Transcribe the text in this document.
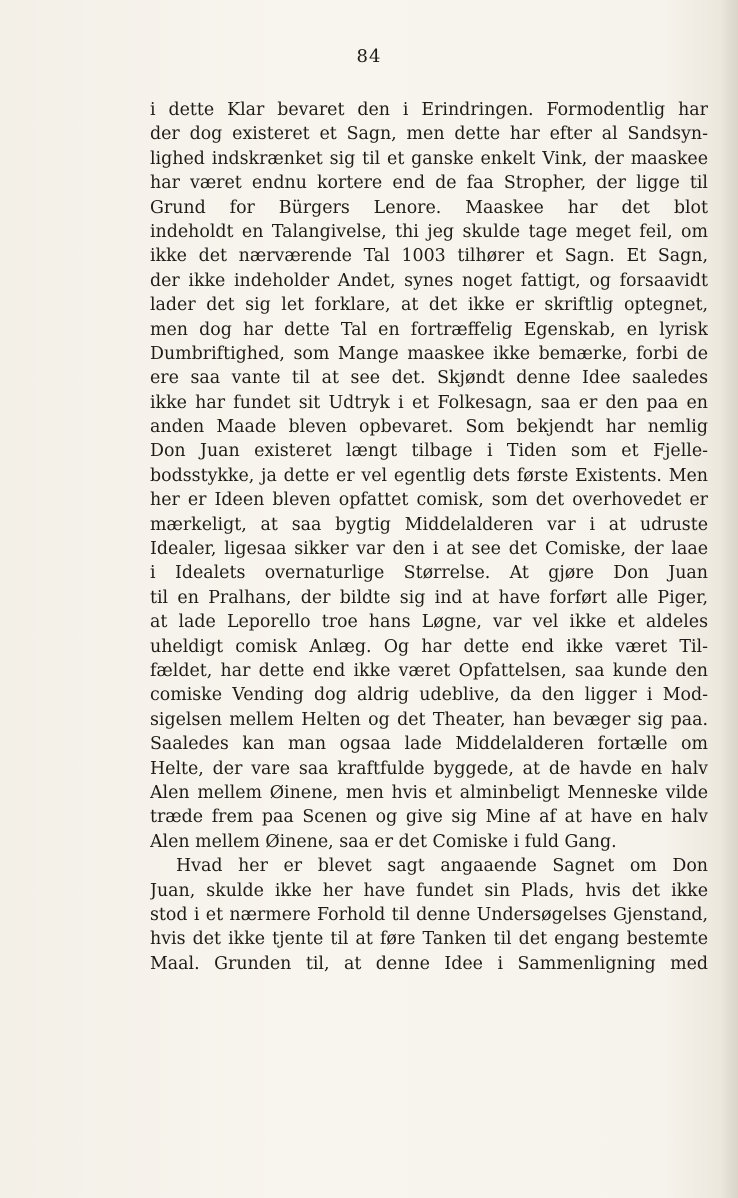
84
i dette Klar bevaret den i Erindringen. Formodentlig har
der dog existeret et Sagn, men dette har efter al Sandsyn-
lighed indskrænket sig til et ganske enkelt Vink, der maaskee
har været endnu kortere end de faa Stropher, der ligge til
Grund for Bürgers Lenore. Maaskee har det blot
indeholdt en Talangivelse, thi jeg skulde tage meget feil, om
ikke det nærværende Tal 1003 tilhører et Sagn. Et Sagn,
der ikke indeholder Andet, synes noget fattigt, og forsaavidt
lader det sig let forklare, at det ikke er skriftlig optegnet,
men dog har dette Tal en fortræffelig Egenskab, en lyrisk
Dumbriftighed, som Mange maaskee ikke bemærke, forbi de
ere saa vante til at see det. Skjøndt denne Idee saaledes
ikke har fundet sit Udtryk i et Folkesagn, saa er den paa en
anden Maade bleven opbevaret. Som bekjendt har nemlig
Don Juan existeret længt tilbage i Tiden som et Fjelle-
bodsstykke, ja dette er vel egentlig dets første Existents. Men
her er Ideen bleven opfattet comisk, som det overhovedet er
mærkeligt, at saa bygtig Middelalderen var i at udruste
Idealer, ligesaa sikker var den i at see det Comiske, der laae
i Idealets overnaturlige Størrelse. At gjøre Don Juan
til en Pralhans, der bildte sig ind at have forført alle Piger,
at lade Leporello troe hans Løgne, var vel ikke et aldeles
uheldigt comisk Anlæg. Og har dette end ikke været Til-
fældet, har dette end ikke været Opfattelsen, saa kunde den
comiske Vending dog aldrig udeblive, da den ligger i Mod-
sigelsen mellem Helten og det Theater, han bevæger sig paa.
Saaledes kan man ogsaa lade Middelalderen fortælle om
Helte, der vare saa kraftfulde byggede, at de havde en halv
Alen mellem Øinene, men hvis et alminbeligt Menneske vilde
træde frem paa Scenen og give sig Mine af at have en halv
Alen mellem Øinene, saa er det Comiske i fuld Gang.
Hvad her er blevet sagt angaaende Sagnet om Don
Juan, skulde ikke her have fundet sin Plads, hvis det ikke
stod i et nærmere Forhold til denne Undersøgelses Gjenstand,
hvis det ikke tjente til at føre Tanken til det engang bestemte
Maal. Grunden til, at denne Idee i Sammenligning med
